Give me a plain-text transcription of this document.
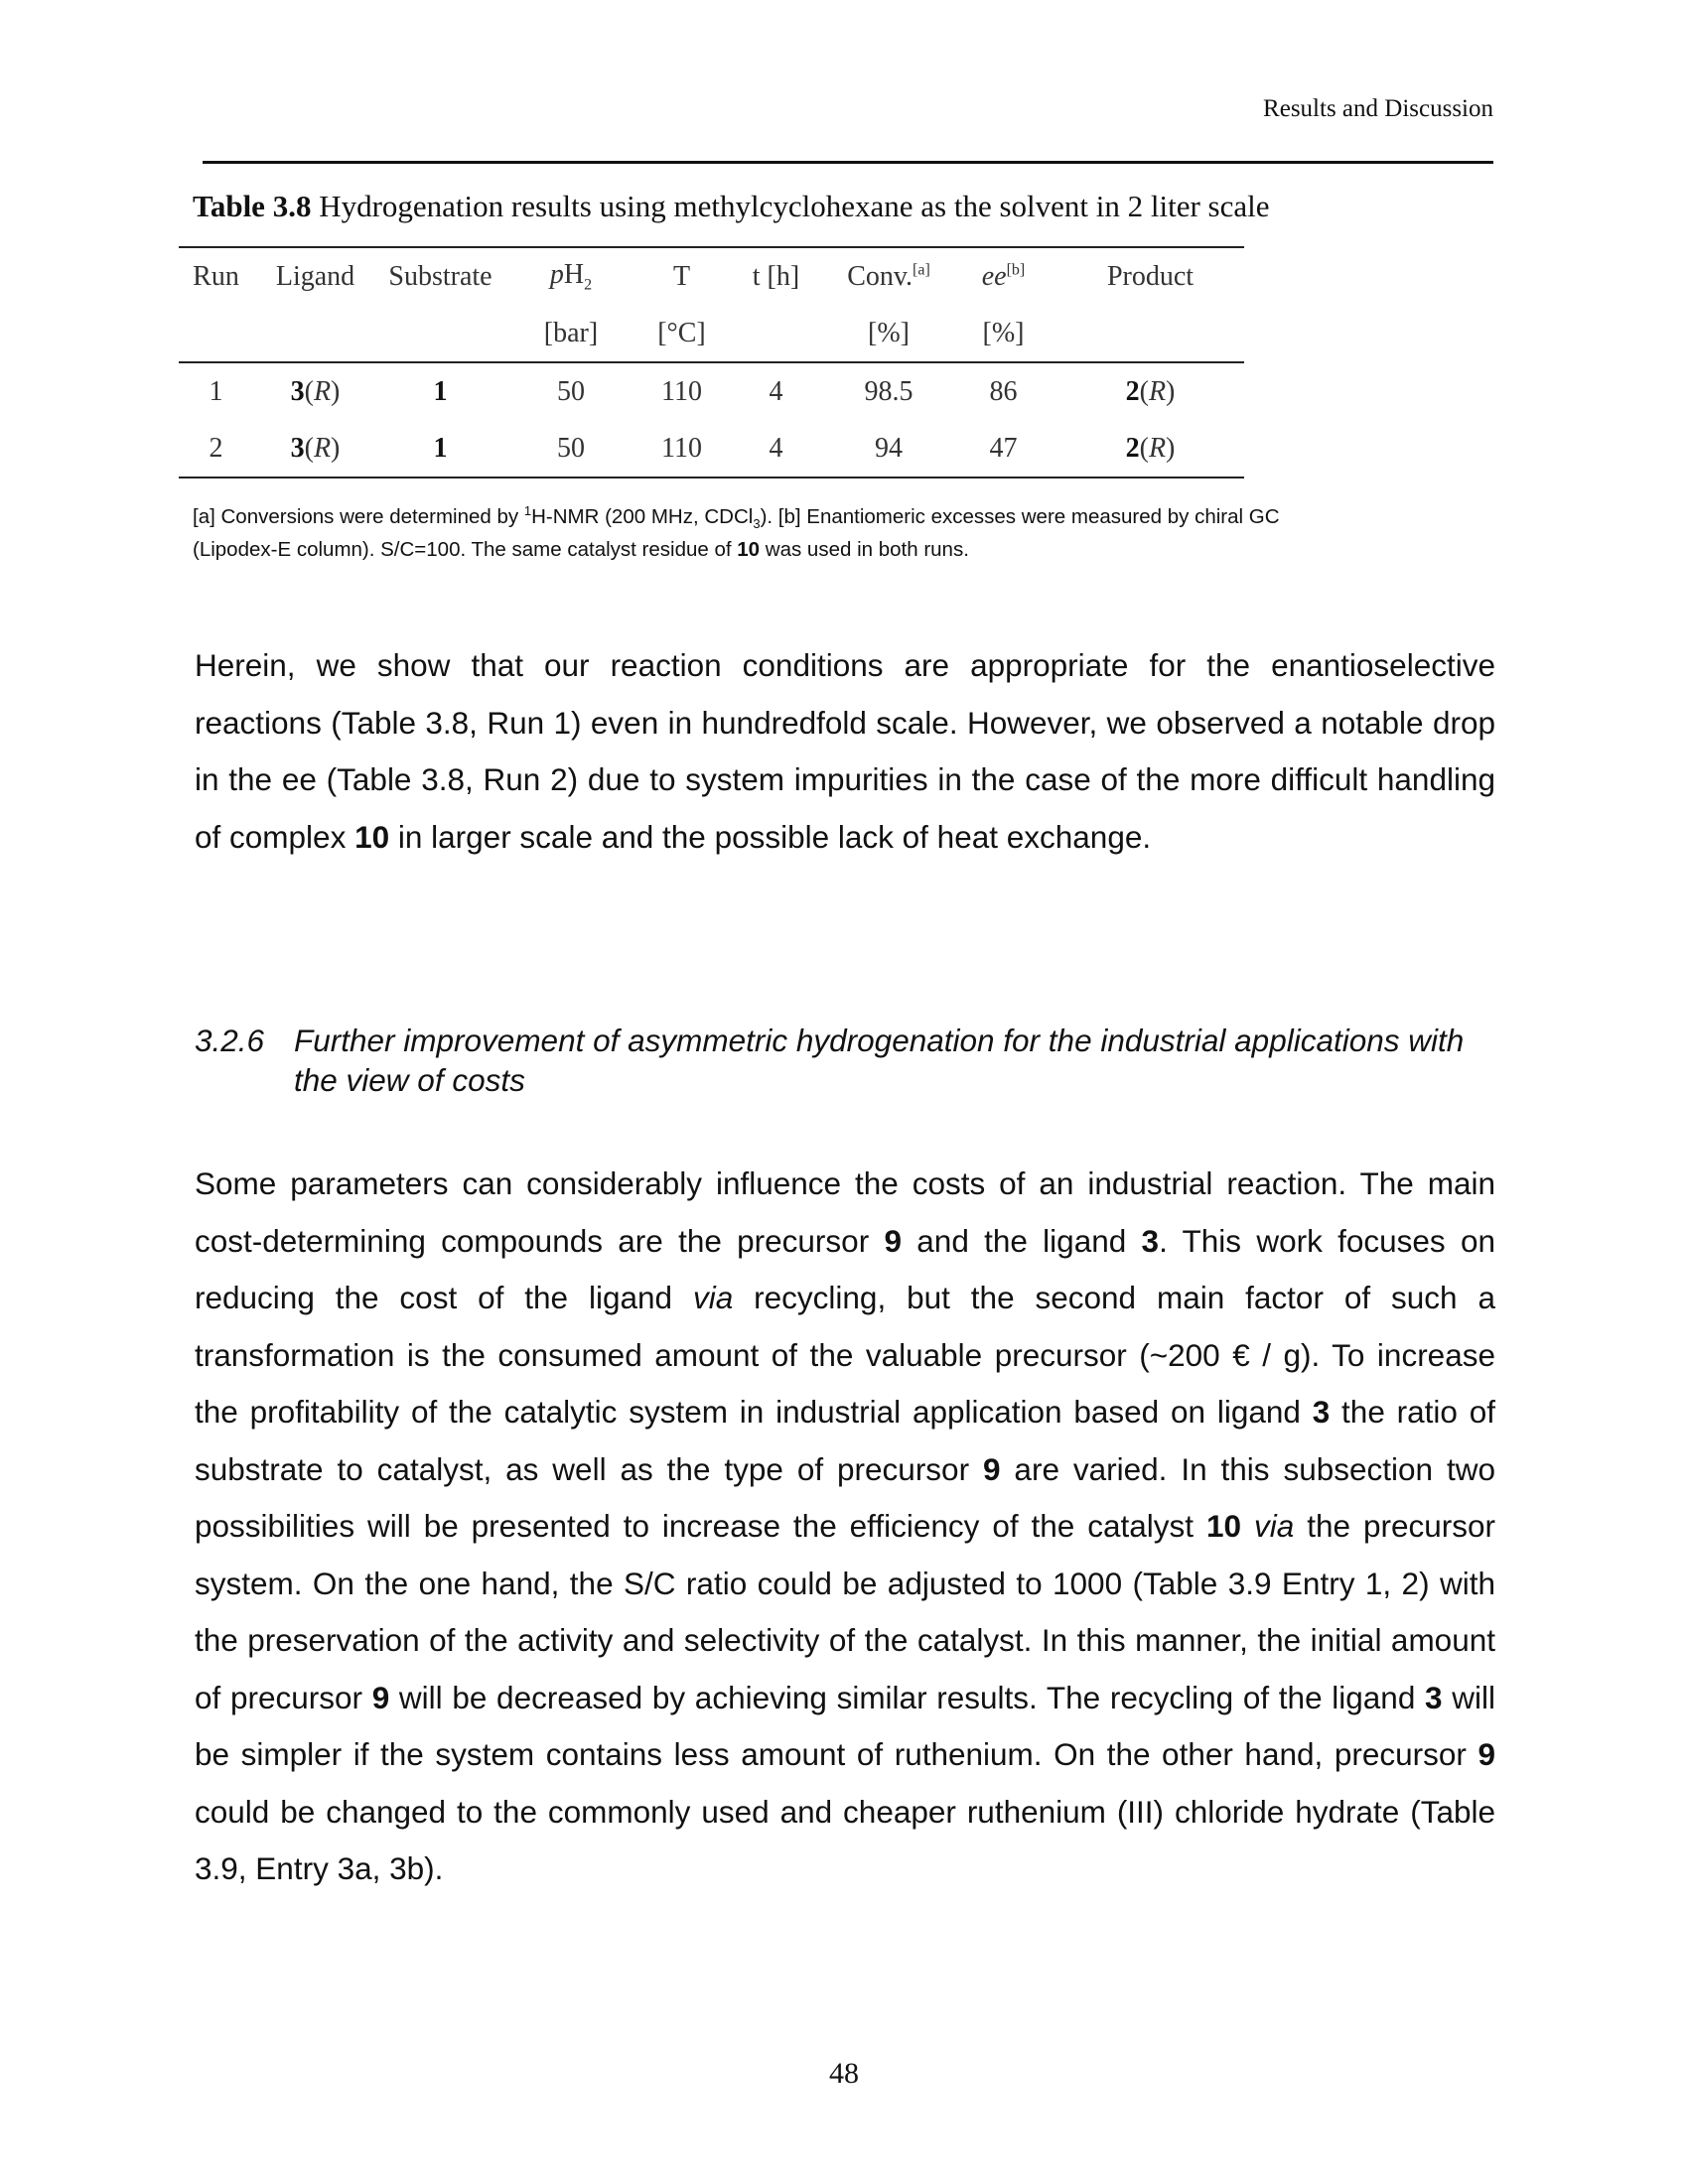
Results and Discussion
Table 3.8 Hydrogenation results using methylcyclohexane as the solvent in 2 liter scale
Run	Ligand	Substrate	$pH_2$	T	t [h]	Conv.[a]	ee[b]	Product
			[bar]	[°C]		[%]	[%]	
1	3(R)	1	50	110	4	98.5	86	2(R)
2	3(R)	1	50	110	4	94	47	2(R)
[a] Conversions were determined by $^1$H-NMR (200 MHz, CDCl$_3$). [b] Enantiomeric excesses were measured by chiral GC (Lipodex-E column). S/C=100. The same catalyst residue of 10 was used in both runs.
Herein, we show that our reaction conditions are appropriate for the enantioselective reactions (Table 3.8, Run 1) even in hundredfold scale. However, we observed a notable drop in the ee (Table 3.8, Run 2) due to system impurities in the case of the more difficult handling of complex 10 in larger scale and the possible lack of heat exchange.
3.2.6 Further improvement of asymmetric hydrogenation for the industrial applications with the view of costs
Some parameters can considerably influence the costs of an industrial reaction. The main cost-determining compounds are the precursor 9 and the ligand 3. This work focuses on reducing the cost of the ligand via recycling, but the second main factor of such a transformation is the consumed amount of the valuable precursor (~200 € / g). To increase the profitability of the catalytic system in industrial application based on ligand 3 the ratio of substrate to catalyst, as well as the type of precursor 9 are varied. In this subsection two possibilities will be presented to increase the efficiency of the catalyst 10 via the precursor system. On the one hand, the S/C ratio could be adjusted to 1000 (Table 3.9 Entry 1, 2) with the preservation of the activity and selectivity of the catalyst. In this manner, the initial amount of precursor 9 will be decreased by achieving similar results. The recycling of the ligand 3 will be simpler if the system contains less amount of ruthenium. On the other hand, precursor 9 could be changed to the commonly used and cheaper ruthenium (III) chloride hydrate (Table 3.9, Entry 3a, 3b).
48
